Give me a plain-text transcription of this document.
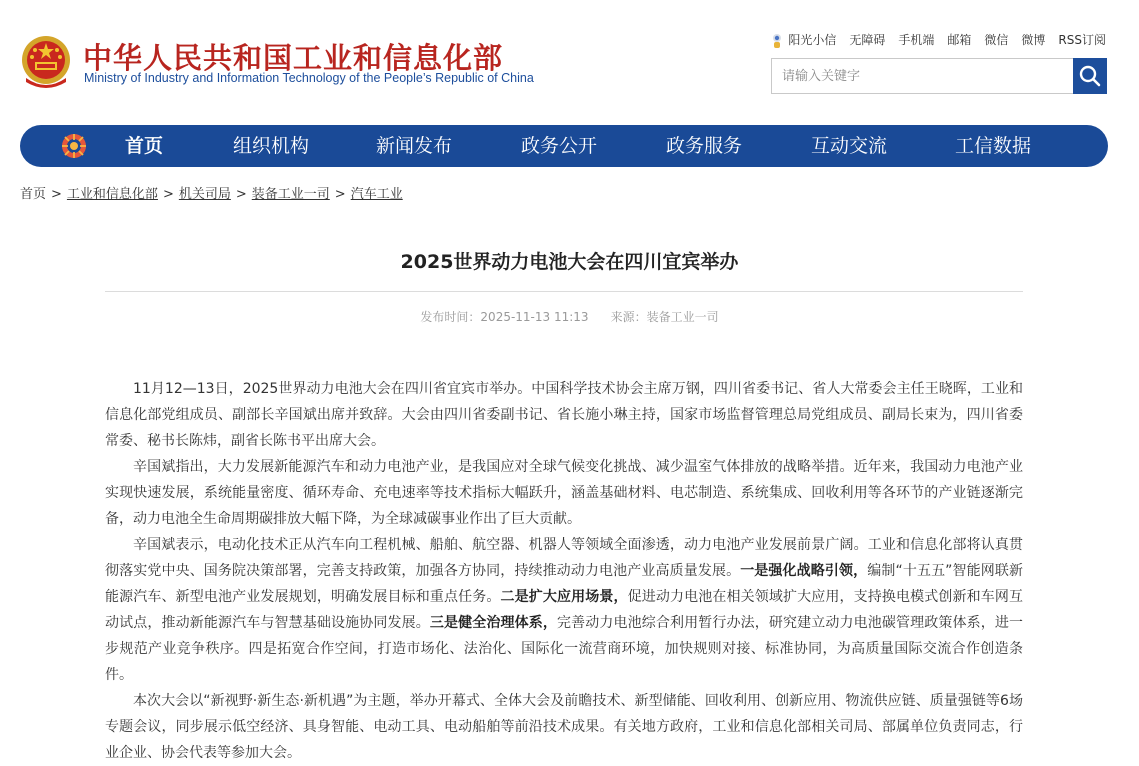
中华人民共和国工业和信息化部
Ministry of Industry and Information Technology of the People’s Republic of China
阳光小信 无障碍 手机端 邮箱 微信 微博 RSS订阅
请输入关键字
首页	组织机构	新闻发布	政务公开	政务服务	互动交流	工信数据
首页 > 工业和信息化部 > 机关司局 > 装备工业一司 > 汽车工业
2025世界动力电池大会在四川宜宾举办
发布时间：2025-11-13 11:13 来源：装备工业一司

11月12—13日，2025世界动力电池大会在四川省宜宾市举办。中国科学技术协会主席万钢，四川省委书记、省人大常委会主任王晓晖，工业和信息化部党组成员、副部长辛国斌出席并致辞。大会由四川省委副书记、省长施小琳主持，国家市场监督管理总局党组成员、副局长束为，四川省委常委、秘书长陈炜，副省长陈书平出席大会。

辛国斌指出，大力发展新能源汽车和动力电池产业，是我国应对全球气候变化挑战、减少温室气体排放的战略举措。近年来，我国动力电池产业实现快速发展，系统能量密度、循环寿命、充电速率等技术指标大幅跃升，涵盖基础材料、电芯制造、系统集成、回收利用等各环节的产业链逐渐完备，动力电池全生命周期碳排放大幅下降，为全球减碳事业作出了巨大贡献。

辛国斌表示，电动化技术正从汽车向工程机械、船舶、航空器、机器人等领域全面渗透，动力电池产业发展前景广阔。工业和信息化部将认真贯彻落实党中央、国务院决策部署，完善支持政策，加强各方协同，持续推动动力电池产业高质量发展。一是强化战略引领，编制“十五五”智能网联新能源汽车、新型电池产业发展规划，明确发展目标和重点任务。二是扩大应用场景，促进动力电池在相关领域扩大应用，支持换电模式创新和车网互动试点，推动新能源汽车与智慧基础设施协同发展。三是健全治理体系，完善动力电池综合利用暂行办法，研究建立动力电池碳管理政策体系，进一步规范产业竞争秩序。四是拓宽合作空间，打造市场化、法治化、国际化一流营商环境，加快规则对接、标准协同，为高质量国际交流合作创造条件。

本次大会以“新视野·新生态·新机遇”为主题，举办开幕式、全体大会及前瞻技术、新型储能、回收利用、创新应用、物流供应链、质量强链等6场专题会议，同步展示低空经济、具身智能、电动工具、电动船舶等前沿技术成果。有关地方政府，工业和信息化部相关司局、部属单位负责同志，行业企业、协会代表等参加大会。
